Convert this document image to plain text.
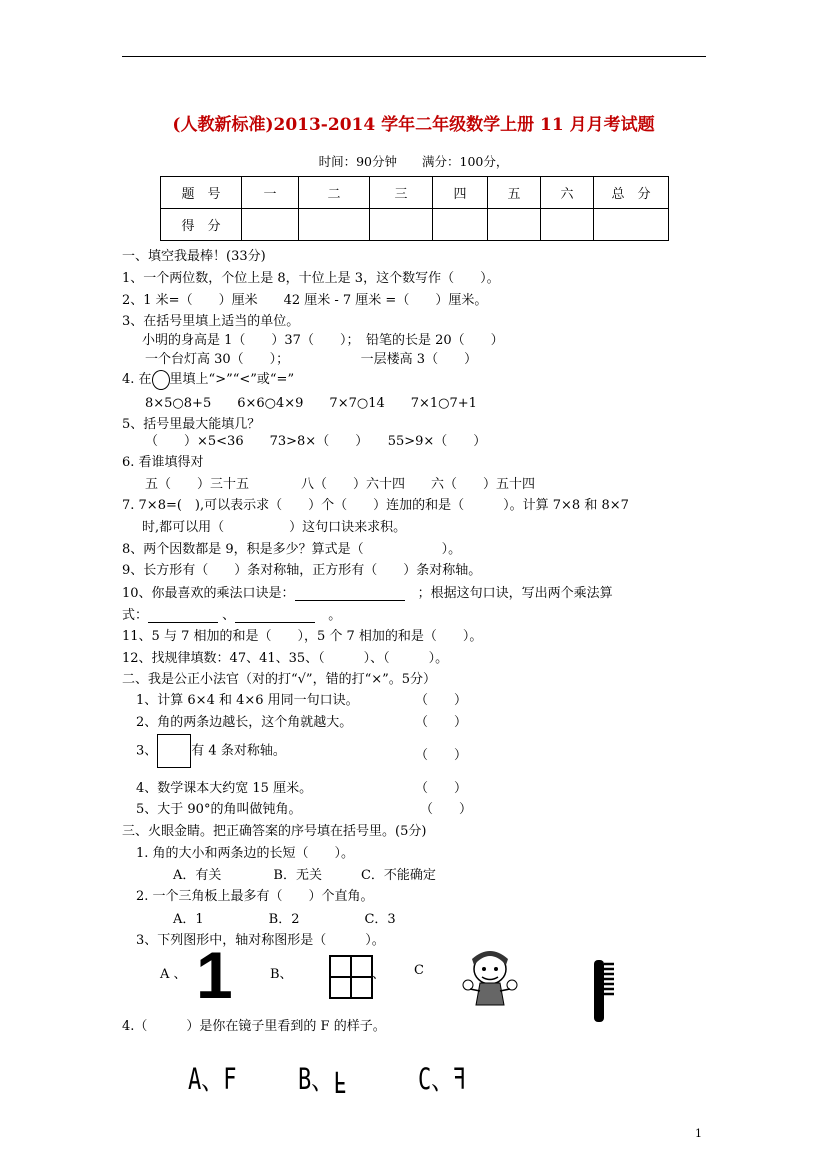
(人教新标准)2013-2014 学年二年级数学上册 11 月月考试题
时间：90分钟　　满分：100分，
题　号	一	二	三	四	五	六	总　分
得　分							
一、填空我最棒！(33分)
1、一个两位数，个位上是 8，十位上是 3，这个数写作（　　）。
2、1 米=（　　）厘米　　42 厘米 - 7 厘米 =（　　）厘米。
3、在括号里填上适当的单位。
小明的身高是 1（　　）37（　　）；　铅笔的长是 20（　　）
一个台灯高 30（　　）；　　　　　　一层楼高 3（　　）
4. 在 里填上“>”“<”或“=”
8×5○8+5　　6×6○4×9　　7×7○14　　7×1○7+1
5、括号里最大能填几？
（　　）×5<36　　73>8×（　　）　　55>9×（　　）
6. 看谁填得对
五（　　）三十五　　　　八（　　）六十四　　六（　　）五十四
7. 7×8=(　),可以表示求（　　）个（　　）连加的和是（　　　）。计算 7×8 和 8×7
时,都可以用（　　　　　）这句口诀来求积。
8、两个因数都是 9，积是多少？算式是（　　　　　　）。
9、长方形有（　　）条对称轴，正方形有（　　）条对称轴。
10、你最喜欢的乘法口诀是：　	；根据这句口诀，写出两个乘法算
式：	、　	。
11、5 与 7 相加的和是（　　），5 个 7 相加的和是（　　）。
12、找规律填数：47、41、35、（　　　）、（　　　）。
二、我是公正小法官（对的打“√”，错的打“×”。5分）
1、计算 6×4 和 4×6 用同一句口诀。	（　　）
2、角的两条边越长，这个角就越大。	（　　）
3、	有 4 条对称轴。	（　　）
4、数学课本大约宽 15 厘米。	（　　）
5、大于 90°的角叫做钝角。	（　　）
三、火眼金睛。把正确答案的序号填在括号里。(5分)
1. 角的大小和两条边的长短（　　）。
A．有关　　　　B．无关　　　C．不能确定
2. 一个三角板上最多有（　　）个直角。
A．1　　　　　B．2　　　　　C．3
3、下列图形中，轴对称图形是（　　　）。
A 、 1	B、	、 C
4.（　　　）是你在镜子里看到的 F 的样子。
A、F	B、F	C、F
1
